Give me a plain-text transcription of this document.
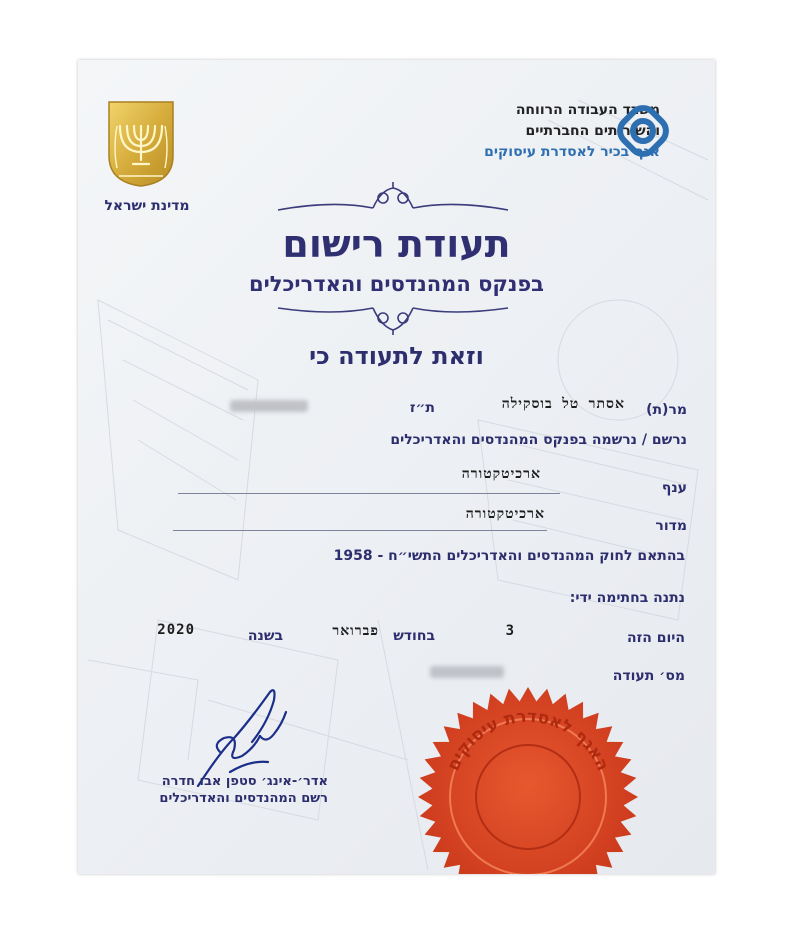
מדינת ישראל
משרד העבודה הרווחה
והשירותים החברתיים
אגף בכיר לאסדרת עיסוקים
תעודת רישום
בפנקס המהנדסים והאדריכלים
וזאת לתעודה כי
מר(ת)
אסתר טל בוסקילה
ת״ז
נרשם / נרשמה בפנקס המהנדסים והאדריכלים
ענף
ארכיטקטורה
מדור
ארכיטקטורה
בהתאם לחוק המהנדסים והאדריכלים התשי״ח - 1958
נתנה בחתימה ידי:
היום הזה
3
בחודש
פברואר
בשנה
2020
מס׳ תעודה
אדר׳-אינג׳ סטפן אבו חדרה
רשם המהנדסים והאדריכלים
האגף לאסדרת עיסוקים
